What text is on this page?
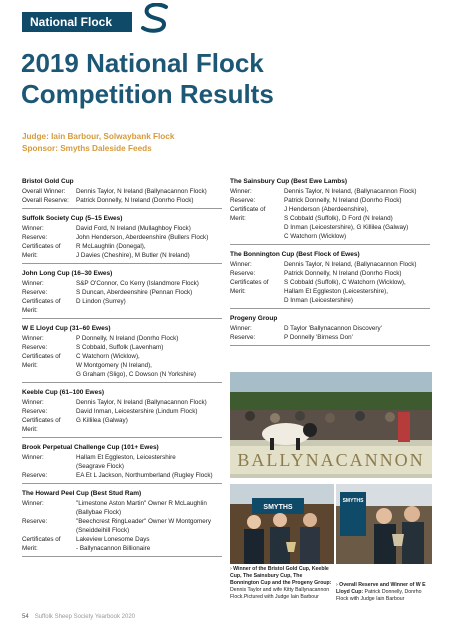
National Flock
2019 National Flock Competition Results
Judge: Iain Barbour, Solwaybank Flock
Sponsor: Smyths Daleside Feeds
Bristol Gold Cup
Overall Winner:	Dennis Taylor, N Ireland (Ballynacannon Flock)
Overall Reserve:	Patrick Donnelly, N Ireland (Donrho Flock)
Suffolk Society Cup (5–15 Ewes)
Winner:	David Ford, N Ireland (Mullaghboy Flock)
Reserve:	John Henderson, Aberdeenshire (Bullers Flock)
Certificates of	R McLaughlin (Donegal),
Merit:	J Davies (Cheshire), M Butler (N Ireland)
John Long Cup (16–30 Ewes)
Winner:	S&P O'Connor, Co Kerry (Islandmore Flock)
Reserve:	S Duncan, Aberdeenshire (Pennan Flock)
Certificates of	D Lindon (Surrey)
Merit:
W E Lloyd Cup (31–60 Ewes)
Winner:	P Donnelly, N Ireland (Donrho Flock)
Reserve:	S Cobbald, Suffolk (Lavenham)
Certificates of	C Watchorn (Wicklow),
Merit:	W Montgomery (N Ireland),
G Graham (Sligo), C Dowson (N Yorkshire)
Keeble Cup (61–100 Ewes)
Winner:	Dennis Taylor, N Ireland (Ballynacannon Flock)
Reserve:	David Inman, Leicestershire (Lindum Flock)
Certificates of	G Killilea (Galway)
Merit:
Brook Perpetual Challenge Cup (101+ Ewes)
Winner:	Hallam Et Eggleston, Leicestershire
(Seagrave Flock)
Reserve:	EA Et L Jackson, Northumberland (Rugley Flock)
The Howard Peel Cup (Best Stud Ram)
Winner:	"Limestone Aston Martin" Owner R McLaughlin
(Ballybae Flock)
Reserve:	"Beechcrest RingLeader" Owner W Montgomery
(Sneiddeihill Flock)
Certificates of	Lakeview Lonesome Days
Merit:	- Ballynacannon Billionaire
The Sainsbury Cup (Best Ewe Lambs)
Winner:	Dennis Taylor, N Ireland, (Ballynacannon Flock)
Reserve:	Patrick Donnelly, N Ireland (Donrho Flock)
Certificate of	J Henderson (Aberdeenshire),
Merit:	S Cobbald (Suffolk), D Ford (N Ireland)
D Inman (Leicestershire), G Killilea (Galway)
C Watchorn (Wicklow)
The Bonnington Cup (Best Flock of Ewes)
Winner:	Dennis Taylor, N Ireland, (Ballynacannon Flock)
Reserve:	Patrick Donnelly, N Ireland (Donrho Flock)
Certificates of	S Cobbald (Suffolk), C Watchorn (Wicklow),
Merit:	Hallam Et Eggleston (Leicestershire),
D Inman (Leicestershire)
Progeny Group
Winner:	D Taylor 'Ballynacannon Discovery'
Reserve:	P Donnelly 'Birness Don'
BALLYNACANNON
SMYTHS
SMYTHS
› Winner of the Bristol Gold Cup, Keeble Cup, The Sainsbury Cup, The Bonnington Cup and the Progeny Group: Dennis Taylor and wife Kitty Ballynacannon Flock.Pictured with Judge Iain Barbour
› Overall Reserve and Winner of W E Lloyd Cup: Patrick Donnelly, Donrho Flock with Judge Iain Barbour
54 Suffolk Sheep Society Yearbook 2020
